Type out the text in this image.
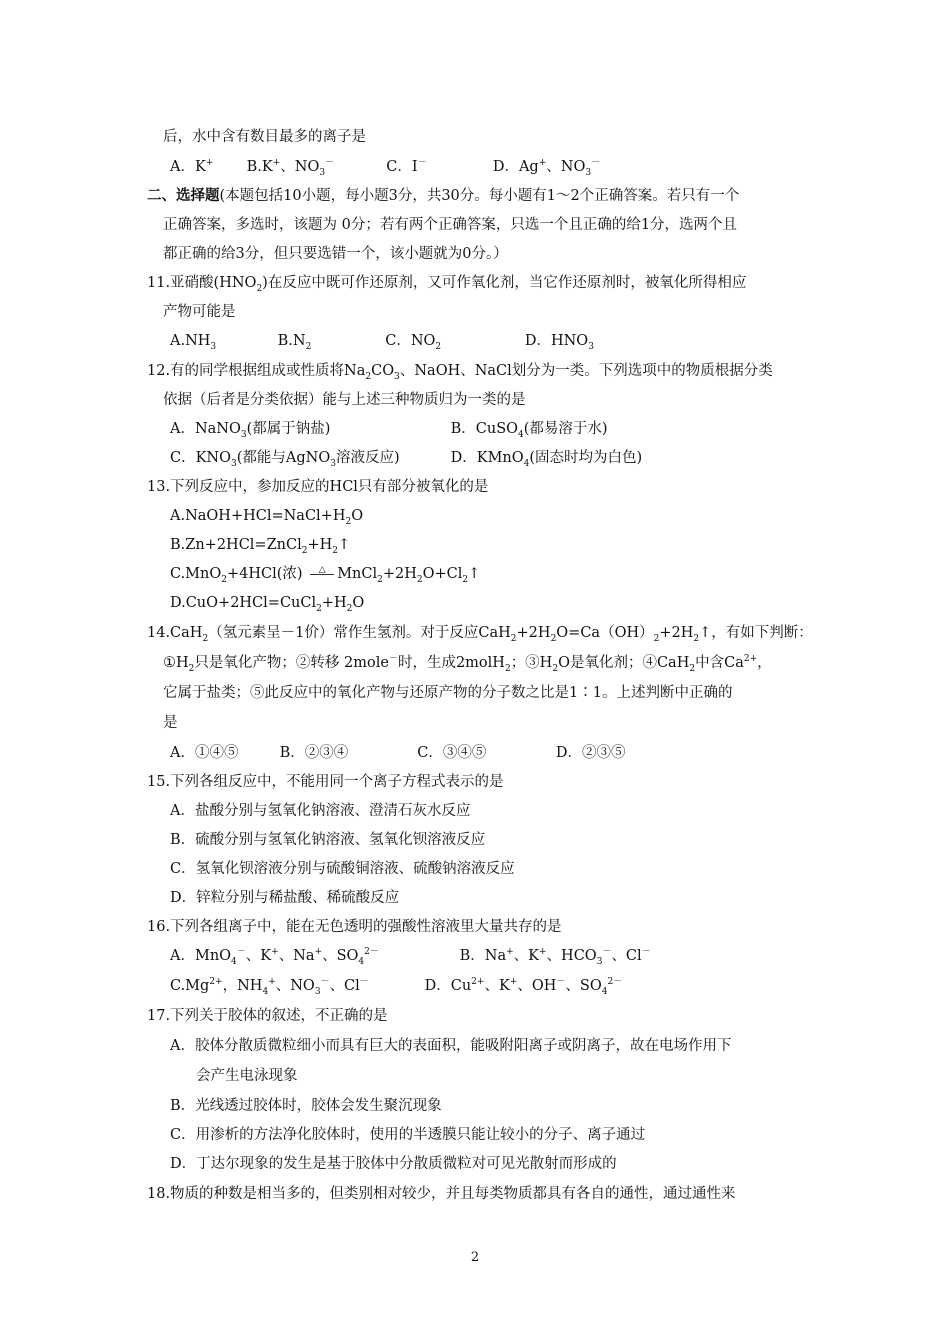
后，水中含有数目最多的离子是
A．K+ B.K+、$NO_3^-$	C．I－	D．Ag+、$NO_3^-$
二、选择题(本题包括10小题，每小题3分，共30分。每小题有1～2个正确答案。若只有一个
正确答案，多选时，该题为 0分；若有两个正确答案，只选一个且正确的给1分，选两个且
都正确的给3分，但只要选错一个，该小题就为0分。）
11.亚硝酸$(HNO_2)$在反应中既可作还原剂，又可作氧化剂，当它作还原剂时，被氧化所得相应
产物可能是
$A.NH_3$	$B.N_2$	C．$NO_2$	D．$HNO_3$
12.有的同学根据组成或性质将$Na_2CO_3$、NaOH、NaCl划分为一类。下列选项中的物质根据分类
依据（后者是分类依据）能与上述三种物质归为一类的是
A．NaNO$_3$(都属于钠盐)	B．CuSO$_4$(都易溶于水)
C．$KNO_3$(都能与AgNO$_3$溶液反应)	D．KMnO$_4$(固态时均为白色)
13.下列反应中，参加反应的HCl只有部分被氧化的是
$A.NaOH+HCl=NaCl+H_2O$
$B.Zn+2HCl=ZnCl_2+H_2↑$
C.MnO$_2$+4HCl(浓) △ $MnCl_2+2H_2O+Cl_2↑$
$D.CuO+2HCl=CuCl_2+H_2O$
14.CaH$_2$（氢元素呈－1价）常作生氢剂。对于反应$CaH_2+2H_2O=Ca(OH)_2+2H_2↑$，有如下判断：
$①H_2$只是氧化产物；②转移 2mole－时，生成2molH$_2$；$③H_2O$是氧化剂；④CaH$_2$中含$Ca^{2+}$，
它属于盐类；⑤此反应中的氧化产物与还原产物的分子数之比是1∶1。上述判断中正确的
是
A．①④⑤	B．②③④	C．③④⑤	D．②③⑤
15.下列各组反应中，不能用同一个离子方程式表示的是
A．盐酸分别与氢氧化钠溶液、澄清石灰水反应
B．硫酸分别与氢氧化钠溶液、氢氧化钡溶液反应
C．氢氧化钡溶液分别与硫酸铜溶液、硫酸钠溶液反应
D．锌粒分别与稀盐酸、稀硫酸反应
16.下列各组离子中，能在无色透明的强酸性溶液里大量共存的是
A．MnO$_4$－、K+、Na+、$SO_4^{2-}$	B．Na+、K+、$HCO_3^-$、Cl－
$C.Mg^{2+}$，$NH_4^+$、$NO_3^-$、Cl－	D．$Cu^{2+}$、K+、OH－、$SO_4^{2-}$
17.下列关于胶体的叙述，不正确的是
A．胶体分散质微粒细小而具有巨大的表面积，能吸附阳离子或阴离子，故在电场作用下
会产生电泳现象
B．光线透过胶体时，胶体会发生聚沉现象
C．用渗析的方法净化胶体时，使用的半透膜只能让较小的分子、离子通过
D．丁达尔现象的发生是基于胶体中分散质微粒对可见光散射而形成的
18.物质的种数是相当多的，但类别相对较少，并且每类物质都具有各自的通性，通过通性来
2
